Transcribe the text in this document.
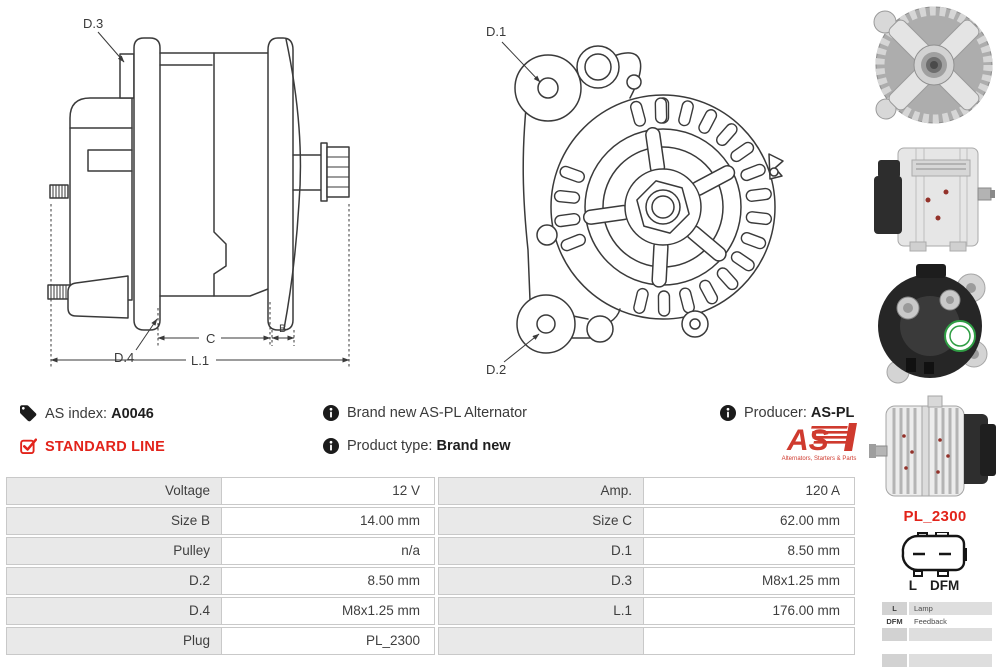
D.3
D.4
C
B
L.1
D.1
D.2
PL_2300
L DFM
L	Lamp
DFM	Feedback
AS index: A0046
STANDARD LINE
Brand new AS-PL Alternator
Product type: Brand new
Producer: AS-PL
AS
Alternators, Starters & Parts
Voltage	12 V	Amp.	120 A
Size B	14.00 mm	Size C	62.00 mm
Pulley	n/a	D.1	8.50 mm
D.2	8.50 mm	D.3	M8x1.25 mm
D.4	M8x1.25 mm	L.1	176.00 mm
Plug	PL_2300
